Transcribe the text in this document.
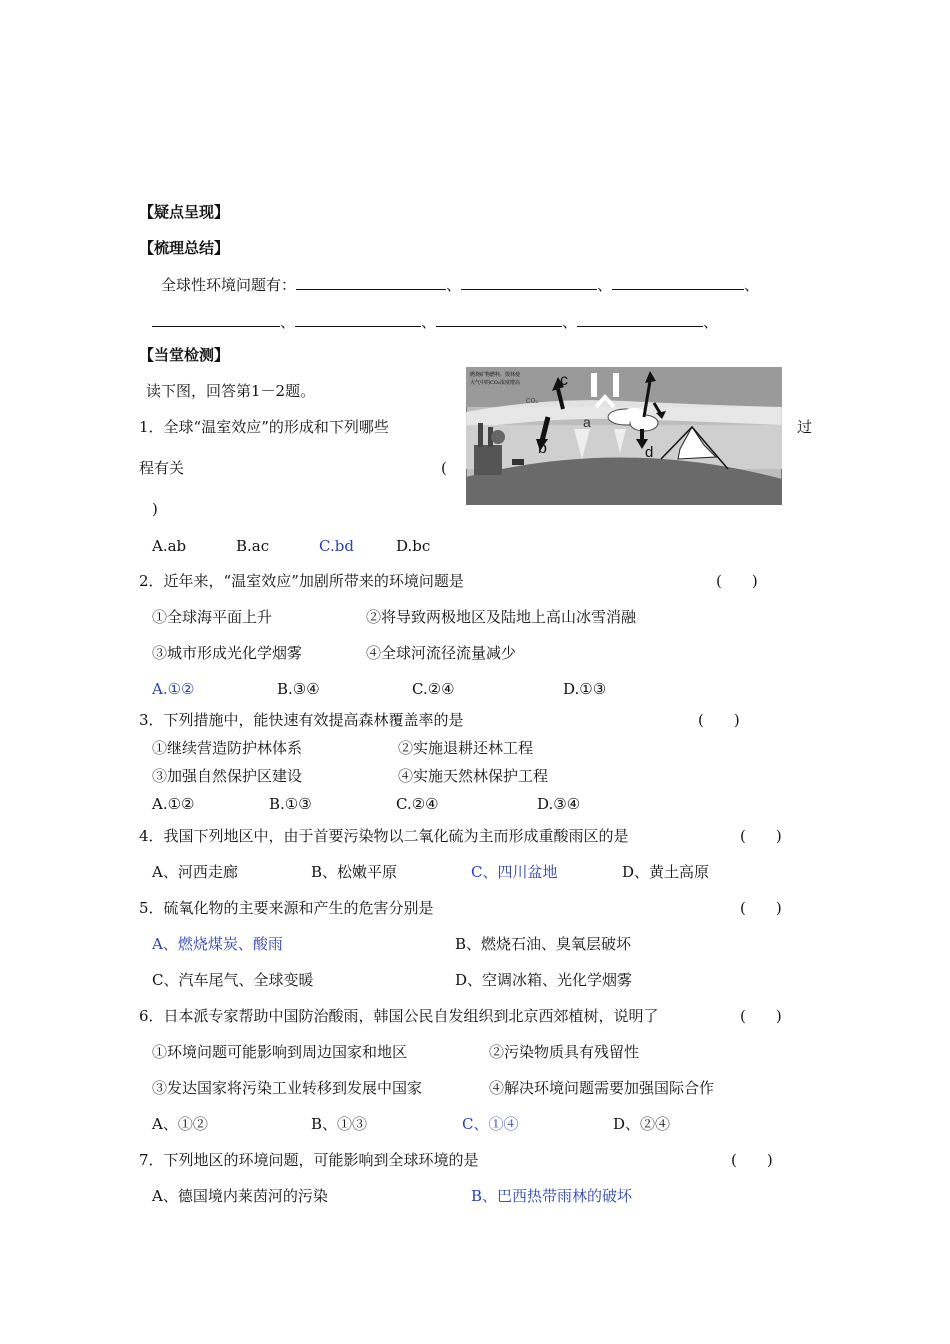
【疑点呈现】
【梳理总结】
全球性环境问题有：	、	、	、
、	、	、	、
【当堂检测】
读下图，回答第1－2题。
燃烧矿物燃料、毁林使
大气中的CO₂浓度增高
CO₂
a
b
c
d
1．全球“温室效应”的形成和下列哪些	过
程有关	(
)
A.ab	B.ac	C.bd	D.bc
2．近年来，“温室效应”加剧所带来的环境问题是	(　　)
①全球海平面上升	②将导致两极地区及陆地上高山冰雪消融
③城市形成光化学烟雾	④全球河流径流量减少
A.①②	B.③④	C.②④	D.①③
3．下列措施中，能快速有效提高森林覆盖率的是	(　　)
①继续营造防护林体系	②实施退耕还林工程
③加强自然保护区建设	④实施天然林保护工程
A.①②	B.①③	C.②④	D.③④
4．我国下列地区中，由于首要污染物以二氧化硫为主而形成重酸雨区的是	(　　)
A、河西走廊	B、松嫩平原	C、四川盆地	D、黄土高原
5．硫氧化物的主要来源和产生的危害分别是	(　　)
A、燃烧煤炭、酸雨	B、燃烧石油、臭氧层破坏
C、汽车尾气、全球变暖	D、空调冰箱、光化学烟雾
6．日本派专家帮助中国防治酸雨，韩国公民自发组织到北京西郊植树，说明了	(　　)
①环境问题可能影响到周边国家和地区	②污染物质具有残留性
③发达国家将污染工业转移到发展中国家	④解决环境问题需要加强国际合作
A、①②	B、①③	C、①④	D、②④
7．下列地区的环境问题，可能影响到全球环境的是	(　　)
A、德国境内莱茵河的污染	B、巴西热带雨林的破坏
